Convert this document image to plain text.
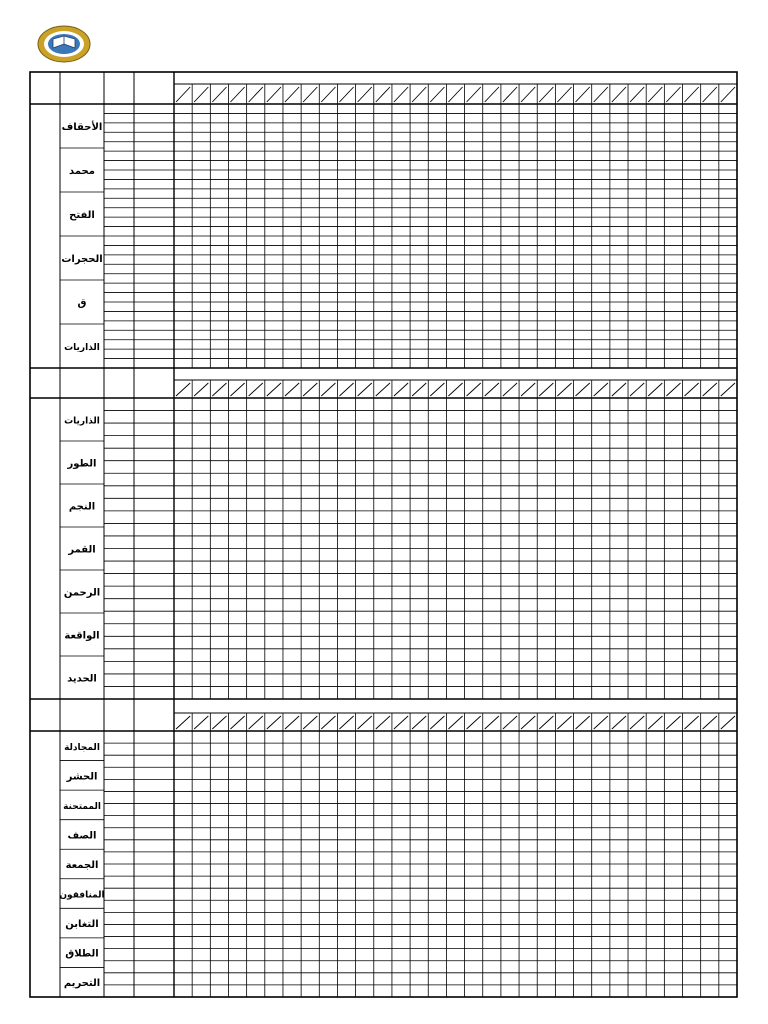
الأحقاف
محمد
الفتح
الحجرات
ق
الذاريات
الذاريات
الطور
النجم
القمر
الرحمن
الواقعة
الحديد
المجادلة
الحشر
الممتحنة
الصف
الجمعة
المنافقون
التغابن
الطلاق
التحريم
